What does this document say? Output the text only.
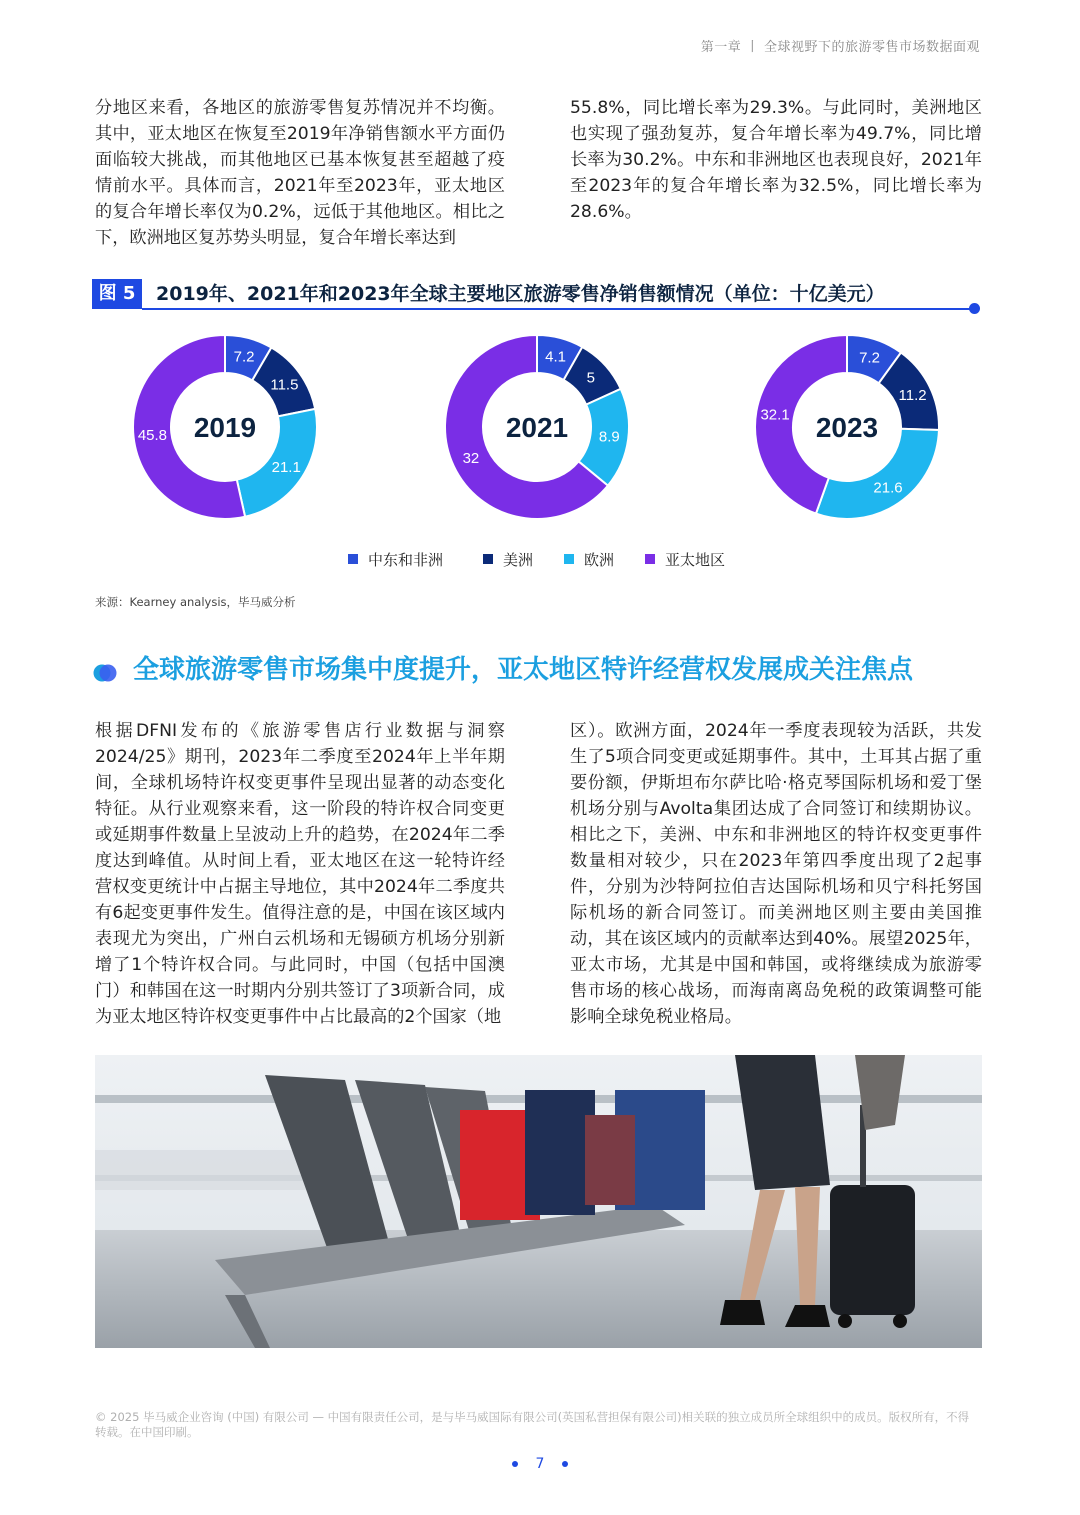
第一章 丨 全球视野下的旅游零售市场数据面观
分地区来看，各地区的旅游零售复苏情况并不均衡。其中，亚太地区在恢复至2019年净销售额水平方面仍面临较大挑战，而其他地区已基本恢复甚至超越了疫情前水平。具体而言，2021年至2023年，亚太地区的复合年增长率仅为0.2%，远低于其他地区。相比之下，欧洲地区复苏势头明显，复合年增长率达到
55.8%，同比增长率为29.3%。与此同时，美洲地区也实现了强劲复苏，复合年增长率为49.7%，同比增长率为30.2%。中东和非洲地区也表现良好，2021年至2023年的复合年增长率为32.5%，同比增长率为28.6%。
图 5	2019年、2021年和2023年全球主要地区旅游零售净销售额情况（单位：十亿美元）
7.2
11.5
21.1
45.8 2019
4.1
5
8.9
32
2021
7.2
11.2
21.6
32.1 2023
中东和非洲	美洲	欧洲	亚太地区
来源：Kearney analysis，毕马威分析
全球旅游零售市场集中度提升，亚太地区特许经营权发展成关注焦点
根据DFNI发布的《旅游零售店行业数据与洞察2024/25》期刊，2023年二季度至2024年上半年期间，全球机场特许权变更事件呈现出显著的动态变化特征。从行业观察来看，这一阶段的特许权合同变更或延期事件数量上呈波动上升的趋势，在2024年二季度达到峰值。从时间上看，亚太地区在这一轮特许经营权变更统计中占据主导地位，其中2024年二季度共有6起变更事件发生。值得注意的是，中国在该区域内表现尤为突出，广州白云机场和无锡硕方机场分别新增了1个特许权合同。与此同时，中国（包括中国澳门）和韩国在这一时期内分别共签订了3项新合同，成为亚太地区特许权变更事件中占比最高的2个国家（地
区）。欧洲方面，2024年一季度表现较为活跃，共发生了5项合同变更或延期事件。其中，土耳其占据了重要份额，伊斯坦布尔萨比哈·格克琴国际机场和爱丁堡机场分别与Avolta集团达成了合同签订和续期协议。相比之下，美洲、中东和非洲地区的特许权变更事件数量相对较少，只在2023年第四季度出现了2起事件，分别为沙特阿拉伯吉达国际机场和贝宁科托努国际机场的新合同签订。而美洲地区则主要由美国推动，其在该区域内的贡献率达到40%。展望2025年，亚太市场，尤其是中国和韩国，或将继续成为旅游零售市场的核心战场，而海南离岛免税的政策调整可能影响全球免税业格局。
© 2025 毕马威企业咨询 (中国) 有限公司 — 中国有限责任公司，是与毕马威国际有限公司(英国私营担保有限公司)相关联的独立成员所全球组织中的成员。版权所有，不得转载。在中国印刷。
7
